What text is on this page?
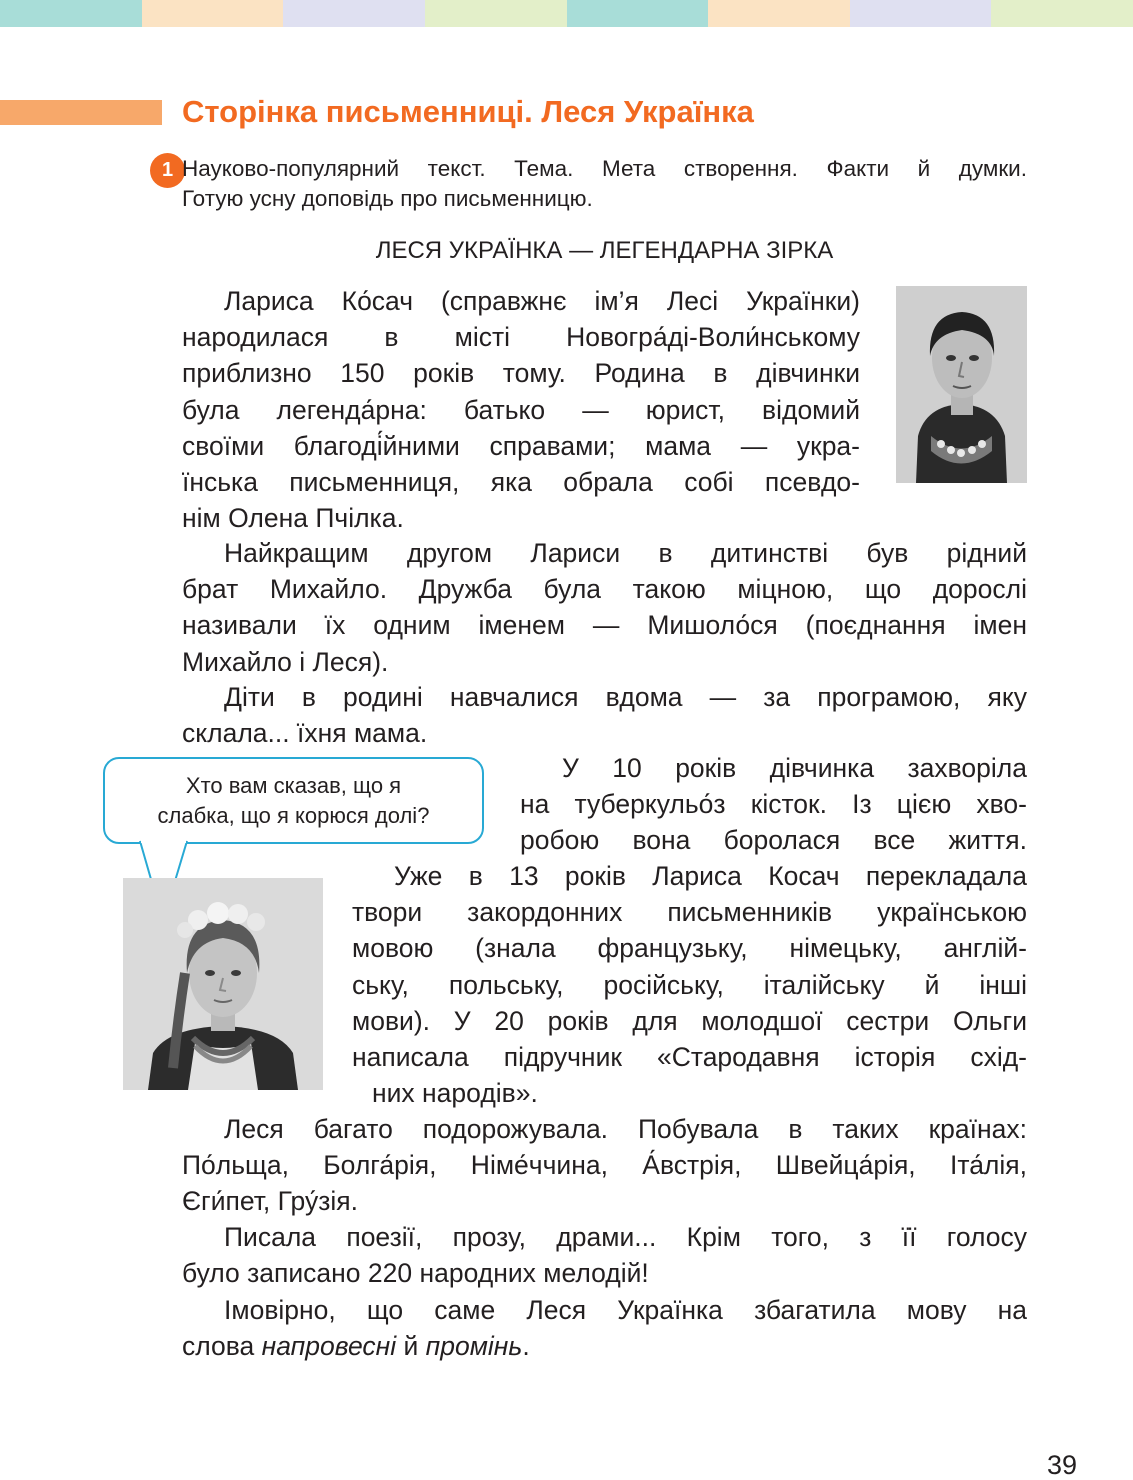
Сторінка письменниці. Леся Українка
1 Науково-популярний текст. Тема. Мета створення. Факти й думки.
Готую усну доповідь про письменницю.

ЛЕСЯ УКРАЇНКА — ЛЕГЕНДАРНА ЗІРКА

Лариса Ко́сач (справжнє ім’я Лесі Українки)
народилася в місті Новогра́ді-Воли́нському
приблизно 150 років тому. Родина в дівчинки
була легенда́рна: батько — юрист, відомий
своїми благоді́йними справами; мама — укра-
їнська письменниця, яка обрала собі псевдо-
нім Олена Пчілка.

Найкращим другом Лариси в дитинстві був рідний
брат Михайло. Дружба була такою міцною, що дорослі
називали їх одним іменем — Мишоло́ся (поєднання імен
Михайло і Леся).

Діти в родині навчалися вдома — за програмою, яку
склала... їхня мама.

Хто вам сказав, що я
слабка, що я корюся долі?

У 10 років дівчинка захворіла
на туберкульо́з кісток. Із цією хво-
робою вона боролася все життя.

Уже в 13 років Лариса Косач перекладала
твори закордонних письменників українською
мовою (знала французьку, німецьку, англій-
ську, польську, російську, італійську й інші
мови). У 20 років для молодшої сестри Ольги
написала підручник «Стародавня історія схід-
них народів».

Леся багато подорожувала. Побувала в таких країнах:
По́льща, Болга́рія, Німе́ччина, А́встрія, Швейца́рія, Іта́лія,
Єги́пет, Гру́зія.

Писала поезії, прозу, драми... Крім того, з її голосу
було записано 220 народних мелодій!

Імовірно, що саме Леся Українка збагатила мову на
слова напровесні й промінь.

39
